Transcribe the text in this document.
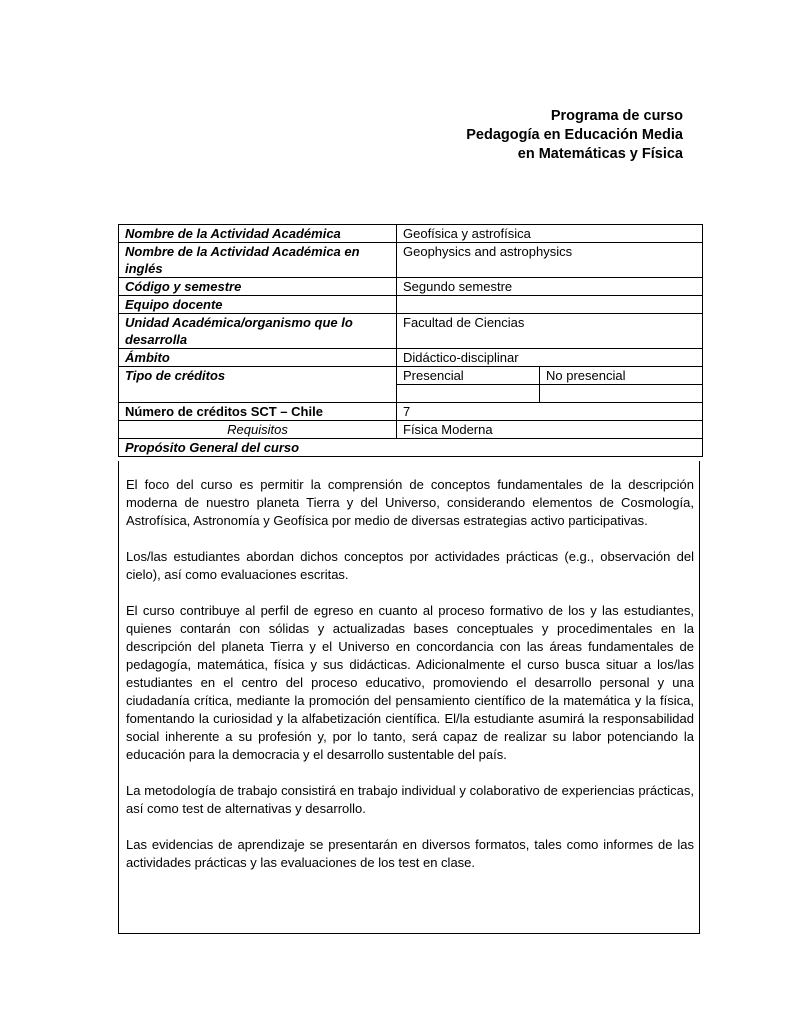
Programa de curso
Pedagogía en Educación Media
en Matemáticas y Física
Nombre de la Actividad Académica	Geofísica y astrofísica	
Nombre de la Actividad Académica en inglés	Geophysics and astrophysics	
Código y semestre	Segundo semestre	
Equipo docente		
Unidad Académica/organismo que lo desarrolla	Facultad de Ciencias	
Ámbito	Didáctico-disciplinar	
Tipo de créditos	Presencial	No presencial

Número de créditos SCT – Chile	7	
Requisitos	Física Moderna	
Propósito General del curso		

El foco del curso es permitir la comprensión de conceptos fundamentales de la descripción moderna de nuestro planeta Tierra y del Universo, considerando elementos de Cosmología, Astrofísica, Astronomía y Geofísica por medio de diversas estrategias activo participativas.

Los/las estudiantes abordan dichos conceptos por actividades prácticas (e.g., observación del cielo), así como evaluaciones escritas.

El curso contribuye al perfil de egreso en cuanto al proceso formativo de los y las estudiantes, quienes contarán con sólidas y actualizadas bases conceptuales y procedimentales en la descripción del planeta Tierra y el Universo en concordancia con las áreas fundamentales de pedagogía, matemática, física y sus didácticas. Adicionalmente el curso busca situar a los/las estudiantes en el centro del proceso educativo, promoviendo el desarrollo personal y una ciudadanía crítica, mediante la promoción del pensamiento científico de la matemática y la física, fomentando la curiosidad y la alfabetización científica. El/la estudiante asumirá la responsabilidad social inherente a su profesión y, por lo tanto, será capaz de realizar su labor potenciando la educación para la democracia y el desarrollo sustentable del país.

La metodología de trabajo consistirá en trabajo individual y colaborativo de experiencias prácticas, así como test de alternativas y desarrollo.

Las evidencias de aprendizaje se presentarán en diversos formatos, tales como informes de las actividades prácticas y las evaluaciones de los test en clase.
